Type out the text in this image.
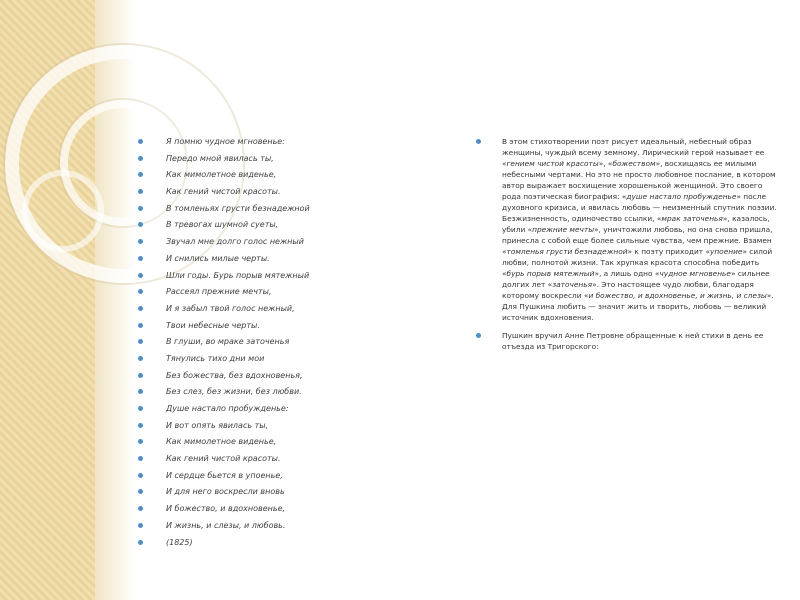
Я помню чудное мгновенье:
Передо мной явилась ты,
Как мимолетное виденье,
Как гений чистой красоты.
В томленьях грусти безнадежной
В тревогах шумной суеты,
Звучал мне долго голос нежный
И снились милые черты.
Шли годы. Бурь порыв мятежный
Рассеял прежние мечты,
И я забыл твой голос нежный,
Твои небесные черты.
В глуши, во мраке заточенья
Тянулись тихо дни мои
Без божества, без вдохновенья,
Без слез, без жизни, без любви.
Душе настало пробужденье:
И вот опять явилась ты,
Как мимолетное виденье,
Как гений чистой красоты.
И сердце бьется в упоенье,
И для него воскресли вновь
И божество, и вдохновенье,
И жизнь, и слезы, и любовь.
(1825)
В этом стихотворении поэт рисует идеальный, небесный образ женщины, чуждый всему земному. Лирический герой называет ее «гением чистой красоты», «божеством», восхищаясь ее милыми небесными чертами. Но это не просто любовное послание, в котором автор выражает восхищение хорошенькой женщиной. Это своего рода поэтическая биография: «душе настало пробужденье» после духовного кризиса, и явилась любовь — неизменный спутник поэзии. Безжизненность, одиночество ссылки, «мрак заточенья», казалось, убили «прежние мечты», уничтожили любовь, но она снова пришла, принесла с собой еще более сильные чувства, чем прежние. Взамен «томленья грусти безнадежной» к поэту приходит «упоение» силой любви, полнотой жизни. Так хрупкая красота способна победить «бурь порыв мятежный», а лишь одно «чудное мгновенье» сильнее долгих лет «заточенья». Это настоящее чудо любви, благодаря которому воскресли «и божество, и вдохновенье, и жизнь, и слезы». Для Пушкина любить — значит жить и творить, любовь — великий источник вдохновения.
Пушкин вручил Анне Петровне обращенные к ней стихи в день ее отъезда из Тригорского:
